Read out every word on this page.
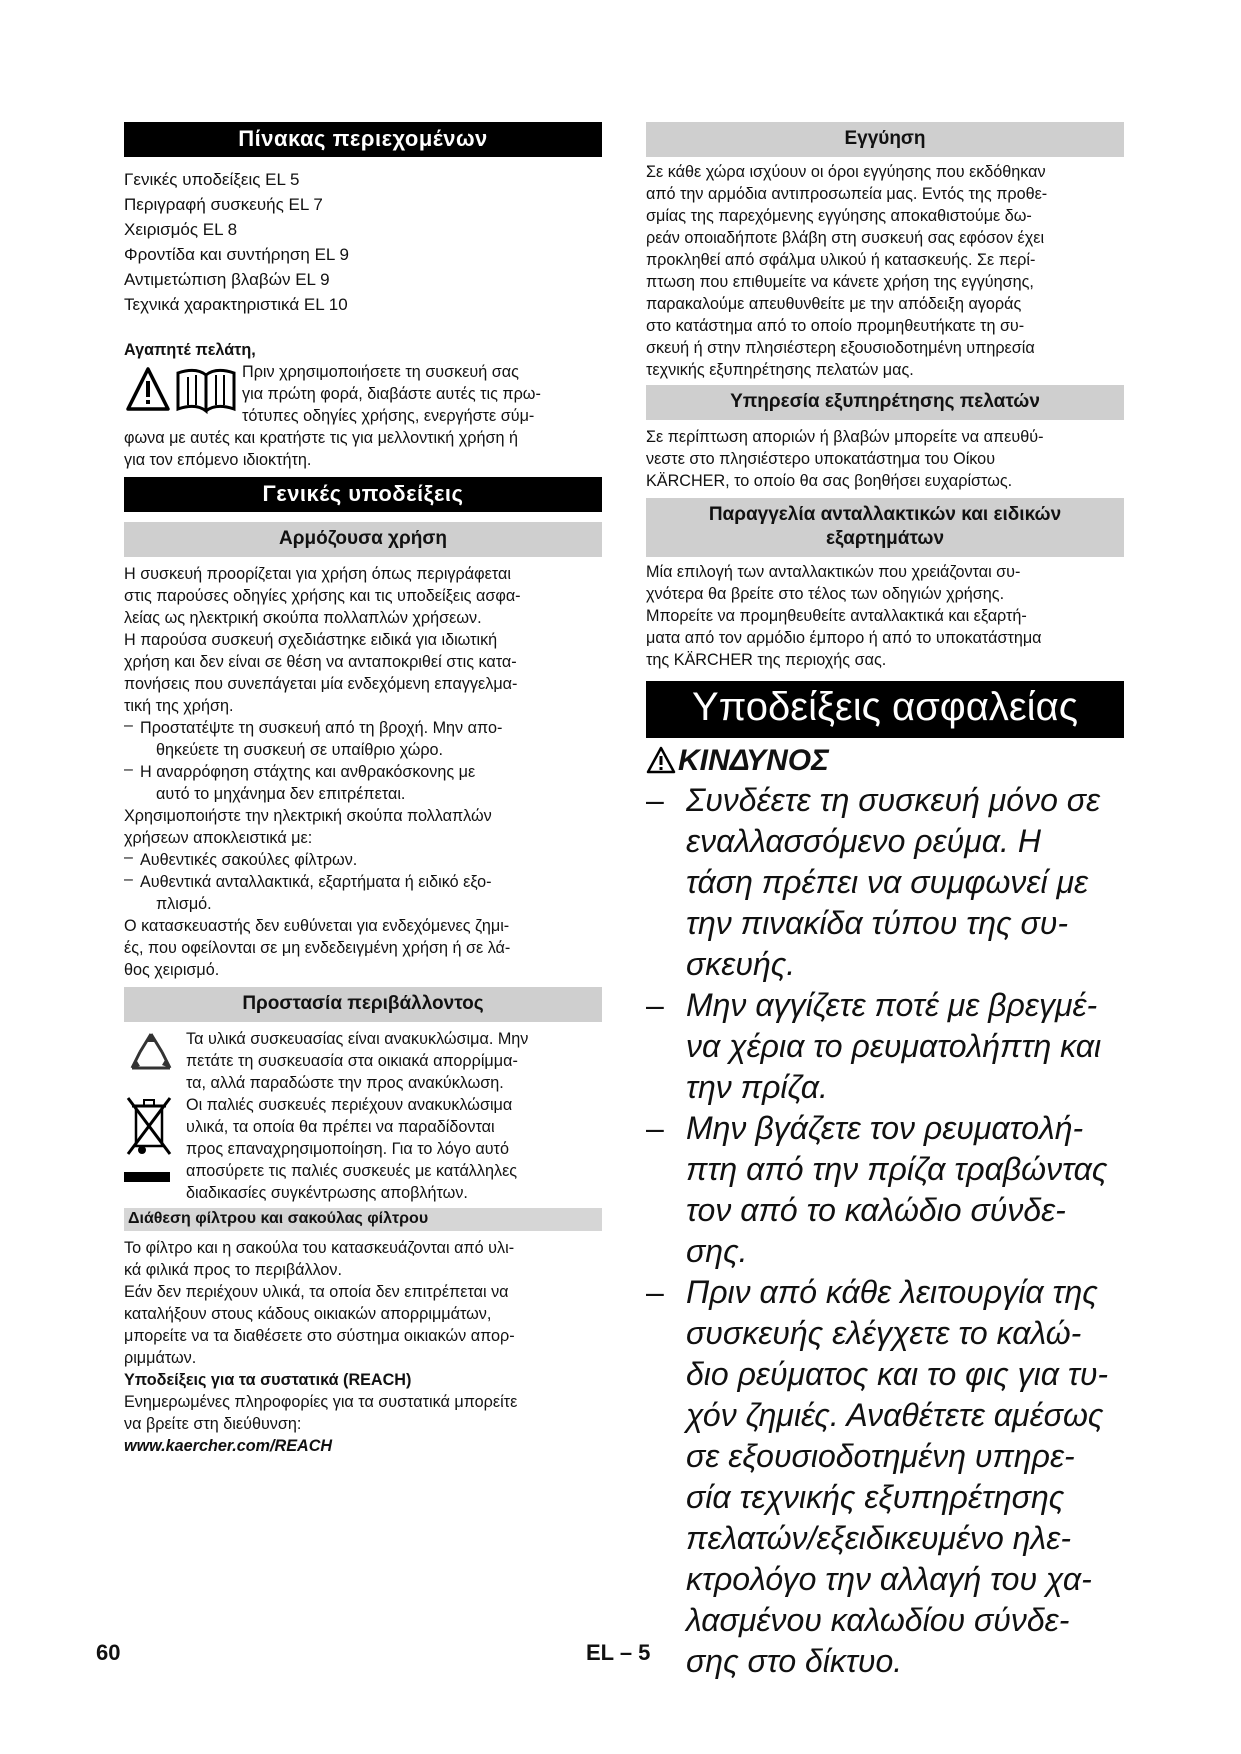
Πίνακας περιεχομένων
Γενικές υποδείξεις EL 5
Περιγραφή συσκευής EL 7
Χειρισμός EL 8
Φροντίδα και συντήρηση EL 9
Αντιμετώπιση βλαβών EL 9
Τεχνικά χαρακτηριστικά EL 10

Αγαπητέ πελάτη,

Πριν χρησιμοποιήσετε τη συσκευή σας
για πρώτη φορά, διαβάστε αυτές τις πρω-
τότυπες οδηγίες χρήσης, ενεργήστε σύμ-
φωνα με αυτές και κρατήστε τις για μελλοντική χρήση ή
για τον επόμενο ιδιοκτήτη.
Γενικές υποδείξεις
Αρμόζουσα χρήση
Η συσκευή προορίζεται για χρήση όπως περιγράφεται
στις παρούσες οδηγίες χρήσης και τις υποδείξεις ασφα-
λείας ως ηλεκτρική σκούπα πολλαπλών χρήσεων.
Η παρούσα συσκευή σχεδιάστηκε ειδικά για ιδιωτική
χρήση και δεν είναι σε θέση να ανταποκριθεί στις κατα-
πονήσεις που συνεπάγεται μία ενδεχόμενη επαγγελμα-
τική της χρήση.
– Προστατέψτε τη συσκευή από τη βροχή. Μην απο-
θηκεύετε τη συσκευή σε υπαίθριο χώρο.
– Η αναρρόφηση στάχτης και ανθρακόσκονης με
αυτό το μηχάνημα δεν επιτρέπεται.
Χρησιμοποιήστε την ηλεκτρική σκούπα πολλαπλών
χρήσεων αποκλειστικά με:
– Αυθεντικές σακούλες φίλτρων.
– Αυθεντικά ανταλλακτικά, εξαρτήματα ή ειδικό εξο-
πλισμό.
Ο κατασκευαστής δεν ευθύνεται για ενδεχόμενες ζημι-
ές, που οφείλονται σε μη ενδεδειγμένη χρήση ή σε λά-
θος χειρισμό.
Προστασία περιβάλλοντος
Τα υλικά συσκευασίας είναι ανακυκλώσιμα. Μην
πετάτε τη συσκευασία στα οικιακά απορρίμμα-
τα, αλλά παραδώστε την προς ανακύκλωση.
Οι παλιές συσκευές περιέχουν ανακυκλώσιμα
υλικά, τα οποία θα πρέπει να παραδίδονται
προς επαναχρησιμοποίηση. Για το λόγο αυτό
αποσύρετε τις παλιές συσκευές με κατάλληλες
διαδικασίες συγκέντρωσης αποβλήτων.
Διάθεση φίλτρου και σακούλας φίλτρου
Το φίλτρο και η σακούλα του κατασκευάζονται από υλι-
κά φιλικά προς το περιβάλλον.
Εάν δεν περιέχουν υλικά, τα οποία δεν επιτρέπεται να
καταλήξουν στους κάδους οικιακών απορριμμάτων,
μπορείτε να τα διαθέσετε στο σύστημα οικιακών απορ-
ριμμάτων.

Υποδείξεις για τα συστατικά (REACH)

Ενημερωμένες πληροφορίες για τα συστατικά μπορείτε
να βρείτε στη διεύθυνση:

www.kaercher.com/REACH

Εγγύηση
Σε κάθε χώρα ισχύουν οι όροι εγγύησης που εκδόθηκαν
από την αρμόδια αντιπροσωπεία μας. Εντός της προθε-
σμίας της παρεχόμενης εγγύησης αποκαθιστούμε δω-
ρεάν οποιαδήποτε βλάβη στη συσκευή σας εφόσον έχει
προκληθεί από σφάλμα υλικού ή κατασκευής. Σε περί-
πτωση που επιθυμείτε να κάνετε χρήση της εγγύησης,
παρακαλούμε απευθυνθείτε με την απόδειξη αγοράς
στο κατάστημα από το οποίο προμηθευτήκατε τη συ-
σκευή ή στην πλησιέστερη εξουσιοδοτημένη υπηρεσία
τεχνικής εξυπηρέτησης πελατών μας.
Υπηρεσία εξυπηρέτησης πελατών
Σε περίπτωση αποριών ή βλαβών μπορείτε να απευθύ-
νεστε στο πλησιέστερο υποκατάστημα του Οίκου
KÄRCHER, το οποίο θα σας βοηθήσει ευχαρίστως.
Παραγγελία ανταλλακτικών και ειδικών
εξαρτημάτων
Μία επιλογή των ανταλλακτικών που χρειάζονται συ-
χνότερα θα βρείτε στο τέλος των οδηγιών χρήσης.
Μπορείτε να προμηθευθείτε ανταλλακτικά και εξαρτή-
ματα από τον αρμόδιο έμπορο ή από το υποκατάστημα
της KÄRCHER της περιοχής σας.
Υποδείξεις ασφαλείας
ΚΙΝΔΥΝΟΣ
– Συνδέετε τη συσκευή μόνο σε
εναλλασσόμενο ρεύμα. Η
τάση πρέπει να συμφωνεί με
την πινακίδα τύπου της συ-
σκευής.
– Μην αγγίζετε ποτέ με βρεγμέ-
να χέρια το ρευματολήπτη και
την πρίζα.
– Μην βγάζετε τον ρευματολή-
πτη από την πρίζα τραβώντας
τον από το καλώδιο σύνδε-
σης.
– Πριν από κάθε λειτουργία της
συσκευής ελέγχετε το καλώ-
διο ρεύματος και το φις για τυ-
χόν ζημιές. Αναθέτετε αμέσως
σε εξουσιοδοτημένη υπηρε-
σία τεχνικής εξυπηρέτησης
πελατών/εξειδικευμένο ηλε-
κτρολόγο την αλλαγή του χα-
λασμένου καλωδίου σύνδε-
σης στο δίκτυο.
60	EL – 5
